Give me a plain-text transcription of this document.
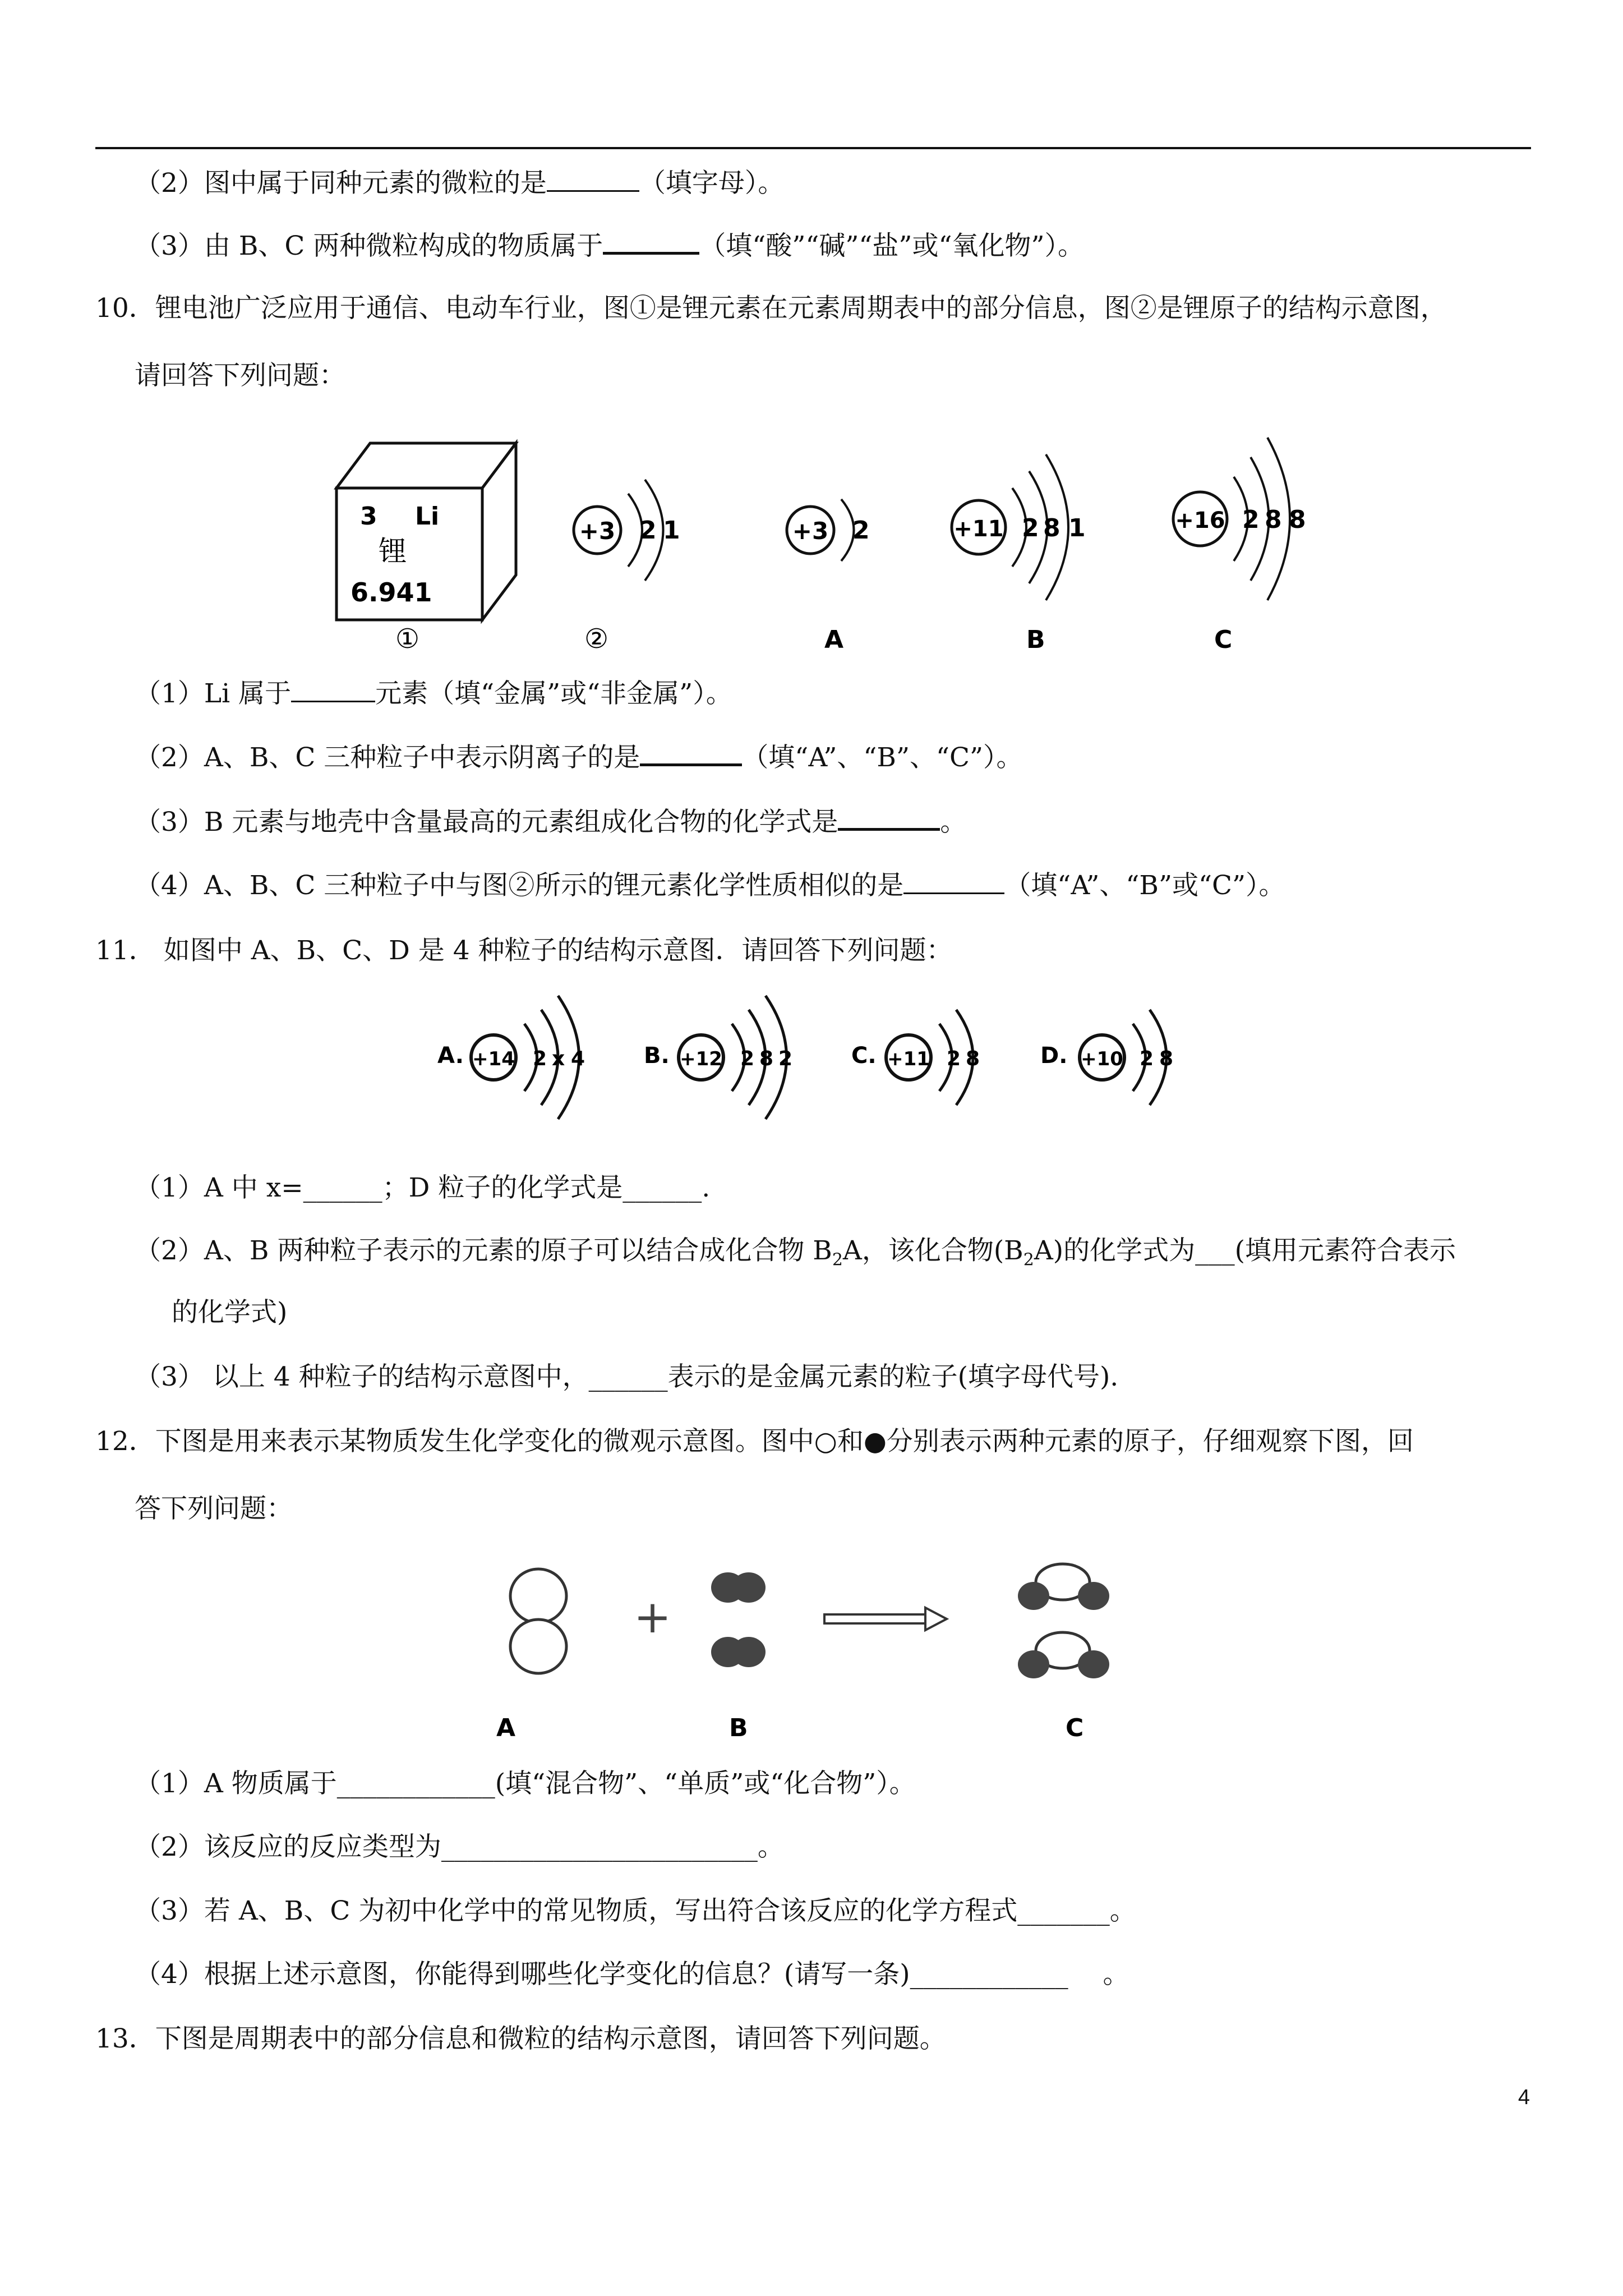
（2）图中属于同种元素的微粒的是	（填字母）。
（3）由 B、C 两种微粒构成的物质属于	（填“酸”“碱”“盐”或“氧化物”）。
10．锂电池广泛应用于通信、电动车行业，图①是锂元素在元素周期表中的部分信息，图②是锂原子的结构示意图，
请回答下列问题：
3 Li
锂
6.941
①
+3 2 1
②
+3 2
A
+11 2 8 1
B
+16 2 8 8
C
（1）Li 属于	元素（填“金属”或“非金属”）。
（2）A、B、C 三种粒子中表示阴离子的是	（填“A”、“B”、“C”）。
（3）B 元素与地壳中含量最高的元素组成化合物的化学式是	。
（4）A、B、C 三种粒子中与图②所示的锂元素化学性质相似的是	（填“A”、“B”或“C”）。
11． 如图中 A、B、C、D 是 4 种粒子的结构示意图．请回答下列问题：
A. +14 2 x 4	B. +12 2 8 2	C. +11 2 8	D. +10 2 8
（1）A 中 x=______；D 粒子的化学式是______.
（2）A、B 两种粒子表示的元素的原子可以结合成化合物 $B_2A$，该化合物$(B_2A)$的化学式为___(填用元素符合表示
的化学式)
（3） 以上 4 种粒子的结构示意图中，______表示的是金属元素的粒子(填字母代号).
12．下图是用来表示某物质发生化学变化的微观示意图。图中○和●分别表示两种元素的原子，仔细观察下图，回
答下列问题：
+
A	B	C
（1）A 物质属于____________(填“混合物”、“单质”或“化合物”）。
（2）该反应的反应类型为________________________。
（3）若 A、B、C 为初中化学中的常见物质，写出符合该反应的化学方程式_______。
（4）根据上述示意图，你能得到哪些化学变化的信息？(请写一条)____________　 。
13．下图是周期表中的部分信息和微粒的结构示意图，请回答下列问题。
4
